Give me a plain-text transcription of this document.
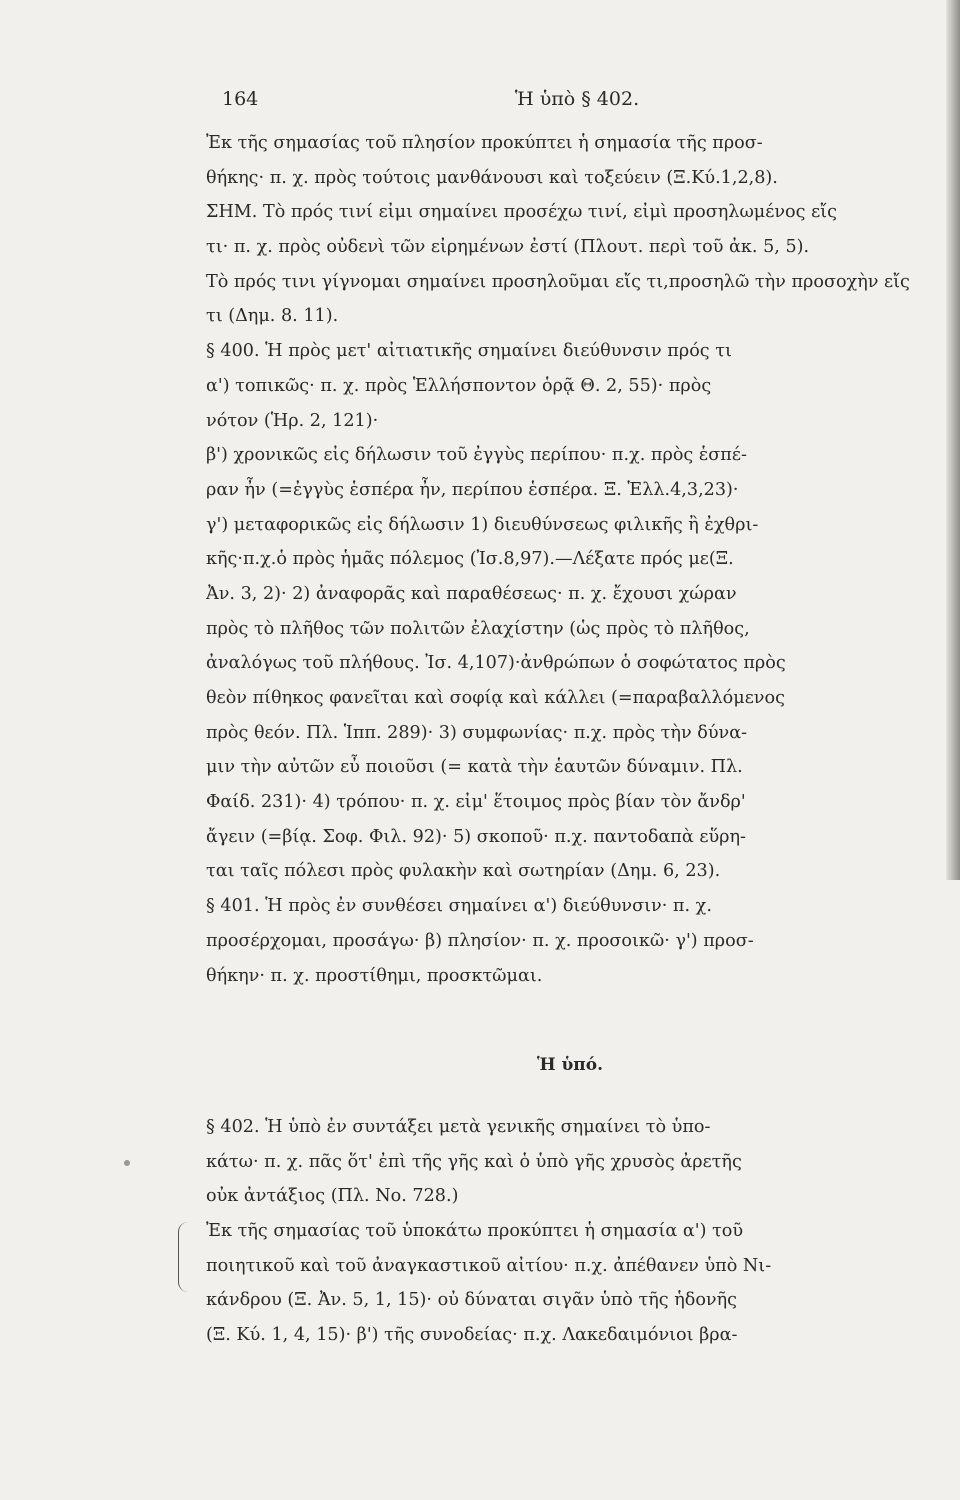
164	Ἡ ὑπὸ § 402.
Ἐκ τῆς σημασίας τοῦ πλησίον προκύπτει ἡ σημασία τῆς προσ-
θήκης· π. χ. πρὸς τούτοις μανθάνουσι καὶ τοξεύειν (Ξ.Κύ.1,2,8).
ΣΗΜ. Τὸ πρός τινί εἰμι σημαίνει προσέχω τινί, εἰμὶ προσηλωμένος εἴς
τι· π. χ. πρὸς οὐδενὶ τῶν εἰρημένων ἐστί (Πλουτ. περὶ τοῦ ἀκ. 5, 5).
Τὸ πρός τινι γίγνομαι σημαίνει προσηλοῦμαι εἴς τι,προσηλῶ τὴν προσοχὴν εἴς
τι (Δημ. 8. 11).
§ 400. Ἡ πρὸς μετ' αἰτιατικῆς σημαίνει διεύθυνσιν πρός τι
α') τοπικῶς· π. χ. πρὸς Ἑλλήσποντον ὁρᾷ Θ. 2, 55)· πρὸς
νότον (Ἡρ. 2, 121)·
β') χρονικῶς εἰς δήλωσιν τοῦ ἐγγὺς περίπου· π.χ. πρὸς ἑσπέ-
ραν ἦν (=ἐγγὺς ἑσπέρα ἦν, περίπου ἑσπέρα. Ξ. Ἑλλ.4,3,23)·
γ') μεταφορικῶς εἰς δήλωσιν 1) διευθύνσεως φιλικῆς ἢ ἐχθρι-
κῆς·π.χ.ὁ πρὸς ἡμᾶς πόλεμος (Ἰσ.8,97).—Λέξατε πρός με(Ξ.
Ἀν. 3, 2)· 2) ἀναφορᾶς καὶ παραθέσεως· π. χ. ἔχουσι χώραν
πρὸς τὸ πλῆθος τῶν πολιτῶν ἐλαχίστην (ὡς πρὸς τὸ πλῆθος,
ἀναλόγως τοῦ πλήθους. Ἰσ. 4,107)·ἀνθρώπων ὁ σοφώτατος πρὸς
θεὸν πίθηκος φανεῖται καὶ σοφίᾳ καὶ κάλλει (=παραβαλλόμενος
πρὸς θεόν. Πλ. Ἱππ. 289)· 3) συμφωνίας· π.χ. πρὸς τὴν δύνα-
μιν τὴν αὐτῶν εὖ ποιοῦσι (= κατὰ τὴν ἑαυτῶν δύναμιν. Πλ.
Φαίδ. 231)· 4) τρόπου· π. χ. εἰμ' ἕτοιμος πρὸς βίαν τὸν ἄνδρ'
ἄγειν (=βίᾳ. Σοφ. Φιλ. 92)· 5) σκοποῦ· π.χ. παντοδαπὰ εὕρη-
ται ταῖς πόλεσι πρὸς φυλακὴν καὶ σωτηρίαν (Δημ. 6, 23).
§ 401. Ἡ πρὸς ἐν συνθέσει σημαίνει α') διεύθυνσιν· π. χ.
προσέρχομαι, προσάγω· β) πλησίον· π. χ. προσοικῶ· γ') προσ-
θήκην· π. χ. προστίθημι, προσκτῶμαι.
Ἡ ὑπό.
§ 402. Ἡ ὑπὸ ἐν συντάξει μετὰ γενικῆς σημαίνει τὸ ὑπο-
κάτω· π. χ. πᾶς ὅτ' ἐπὶ τῆς γῆς καὶ ὁ ὑπὸ γῆς χρυσὸς ἀρετῆς
οὐκ ἀντάξιος (Πλ. Νο. 728.)
Ἐκ τῆς σημασίας τοῦ ὑποκάτω προκύπτει ἡ σημασία α') τοῦ
ποιητικοῦ καὶ τοῦ ἀναγκαστικοῦ αἰτίου· π.χ. ἀπέθανεν ὑπὸ Νι-
κάνδρου (Ξ. Ἀν. 5, 1, 15)· οὐ δύναται σιγᾶν ὑπὸ τῆς ἡδονῆς
(Ξ. Κύ. 1, 4, 15)· β') τῆς συνοδείας· π.χ. Λακεδαιμόνιοι βρα-
